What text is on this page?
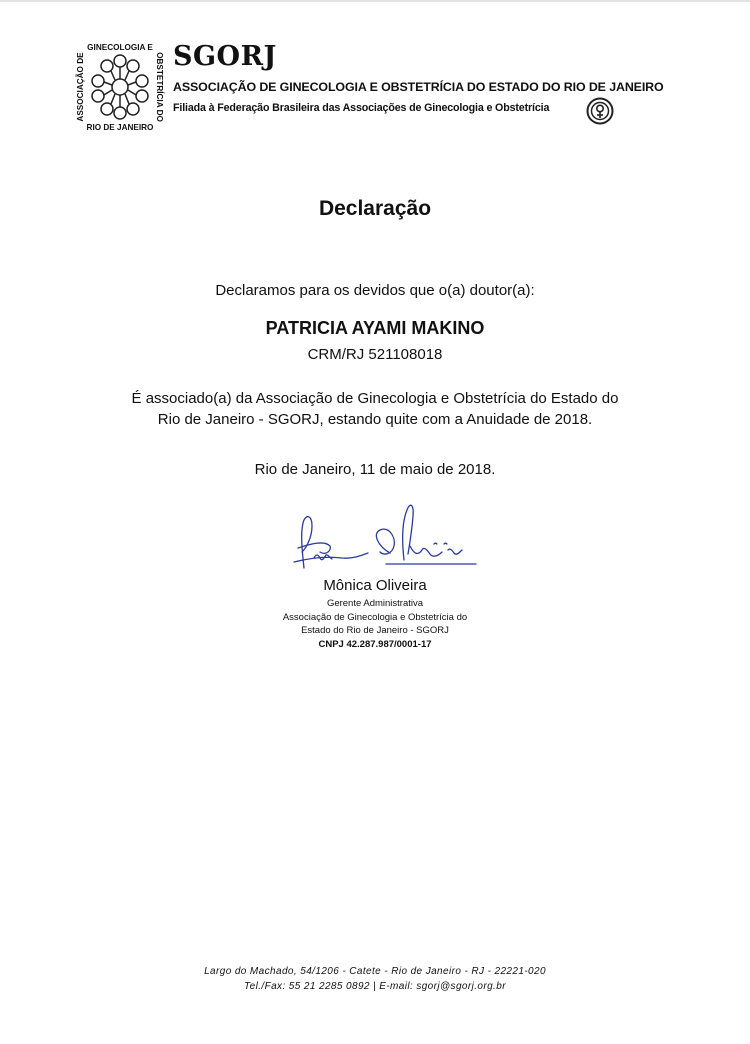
GINECOLOGIA E
RIO DE JANEIRO
ASSOCIAÇÃO DE	OBSTETRÍCIA DO SGORJ
ASSOCIAÇÃO DE GINECOLOGIA E OBSTETRÍCIA DO ESTADO DO RIO DE JANEIRO
Filiada à Federação Brasileira das Associações de Ginecologia e Obstetrícia
Declaração
Declaramos para os devidos que o(a) doutor(a):
PATRICIA AYAMI MAKINO
CRM/RJ 521108018
É associado(a) da Associação de Ginecologia e Obstetrícia do Estado do
Rio de Janeiro - SGORJ, estando quite com a Anuidade de 2018.
Rio de Janeiro, 11 de maio de 2018.
Mônica Oliveira
Gerente Administrativa
Associação de Ginecologia e Obstetrícia do
Estado do Rio de Janeiro - SGORJ
CNPJ 42.287.987/0001-17
Largo do Machado, 54/1206 - Catete - Rio de Janeiro - RJ - 22221-020
Tel./Fax: 55 21 2285 0892 | E-mail: sgorj@sgorj.org.br
